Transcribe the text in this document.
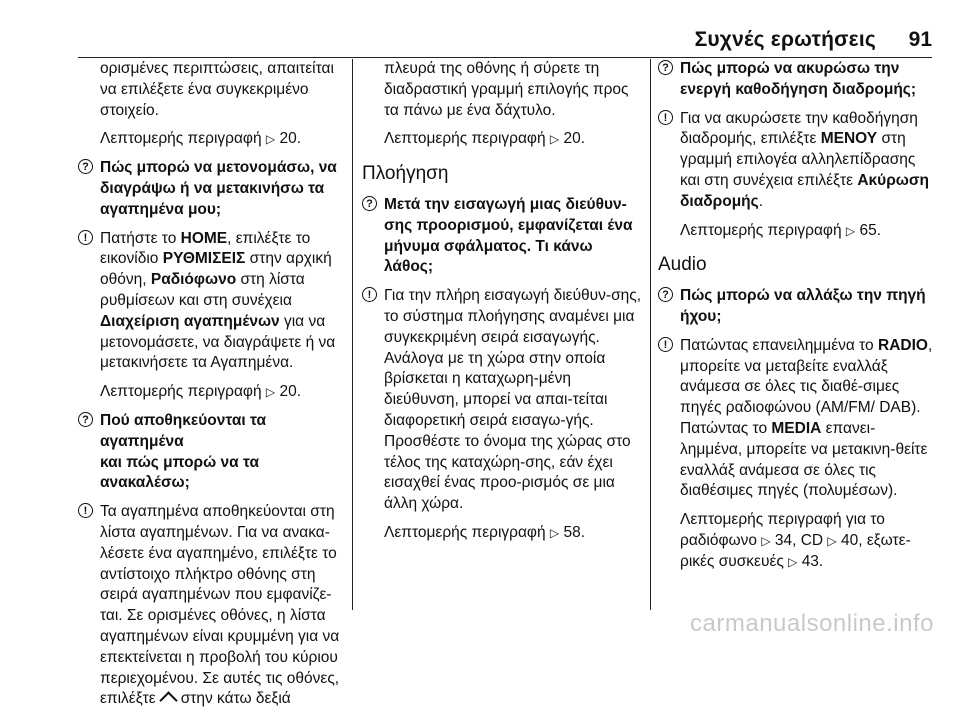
Συχνές ερωτήσεις 91
ορισμένες περιπτώσεις, απαιτείται
να επιλέξετε ένα συγκεκριμένο
στοιχείο.
Λεπτομερής περιγραφή ▷ 20.
? Πώς μπορώ να μετονομάσω, να
διαγράψω ή να μετακινήσω τα
αγαπημένα μου;
! Πατήστε το HOME, επιλέξτε το εικονίδιο ΡΥΘΜΙΣΕΙΣ στην αρχική οθόνη, Ραδιόφωνο στη λίστα ρυθμίσεων και στη συνέχεια Διαχείριση αγαπημένων για να μετονομάσετε, να διαγράψετε ή να μετακινήσετε τα Αγαπημένα.
Λεπτομερής περιγραφή ▷ 20.
? Πού αποθηκεύονται τα αγαπημένα
και πώς μπορώ να τα ανακαλέσω;
! Τα αγαπημένα αποθηκεύονται στη λίστα αγαπημένων. Για να ανακα-λέσετε ένα αγαπημένο, επιλέξτε το αντίστοιχο πλήκτρο οθόνης στη σειρά αγαπημένων που εμφανίζε-ται. Σε ορισμένες οθόνες, η λίστα αγαπημένων είναι κρυμμένη για να επεκτείνεται η προβολή του κύριου περιεχομένου. Σε αυτές τις οθόνες, επιλέξτε στην κάτω δεξιά
πλευρά της οθόνης ή σύρετε τη διαδραστική γραμμή επιλογής προς τα πάνω με ένα δάχτυλο.
Λεπτομερής περιγραφή ▷ 20.
Πλοήγηση
? Μετά την εισαγωγή μιας διεύθυν-σης προορισμού, εμφανίζεται ένα μήνυμα σφάλματος. Τι κάνω λάθος;
! Για την πλήρη εισαγωγή διεύθυν-σης, το σύστημα πλοήγησης αναμένει μια συγκεκριμένη σειρά εισαγωγής. Ανάλογα με τη χώρα στην οποία βρίσκεται η καταχωρη-μένη διεύθυνση, μπορεί να απαι-τείται διαφορετική σειρά εισαγω-γής. Προσθέστε το όνομα της χώρας στο τέλος της καταχώρη-σης, εάν έχει εισαχθεί ένας προο-ρισμός σε μια άλλη χώρα.
Λεπτομερής περιγραφή ▷ 58.
? Πώς μπορώ να ακυρώσω την ενεργή καθοδήγηση διαδρομής;
! Για να ακυρώσετε την καθοδήγηση διαδρομής, επιλέξτε ΜΕΝΟΥ στη γραμμή επιλογέα αλληλεπίδρασης και στη συνέχεια επιλέξτε Ακύρωση διαδρομής.
Λεπτομερής περιγραφή ▷ 65.
Audio
? Πώς μπορώ να αλλάξω την πηγή ήχου;
! Πατώντας επανειλημμένα το RADIO, μπορείτε να μεταβείτε εναλλάξ ανάμεσα σε όλες τις διαθέ-σιμες πηγές ραδιοφώνου (AM/FM/ DAB). Πατώντας το MEDIA επανει-λημμένα, μπορείτε να μετακινη-θείτε εναλλάξ ανάμεσα σε όλες τις διαθέσιμες πηγές (πολυμέσων).
Λεπτομερής περιγραφή για το ραδιόφωνο ▷ 34, CD ▷ 40, εξωτε-ρικές συσκευές ▷ 43.
carmanualsonline.info
